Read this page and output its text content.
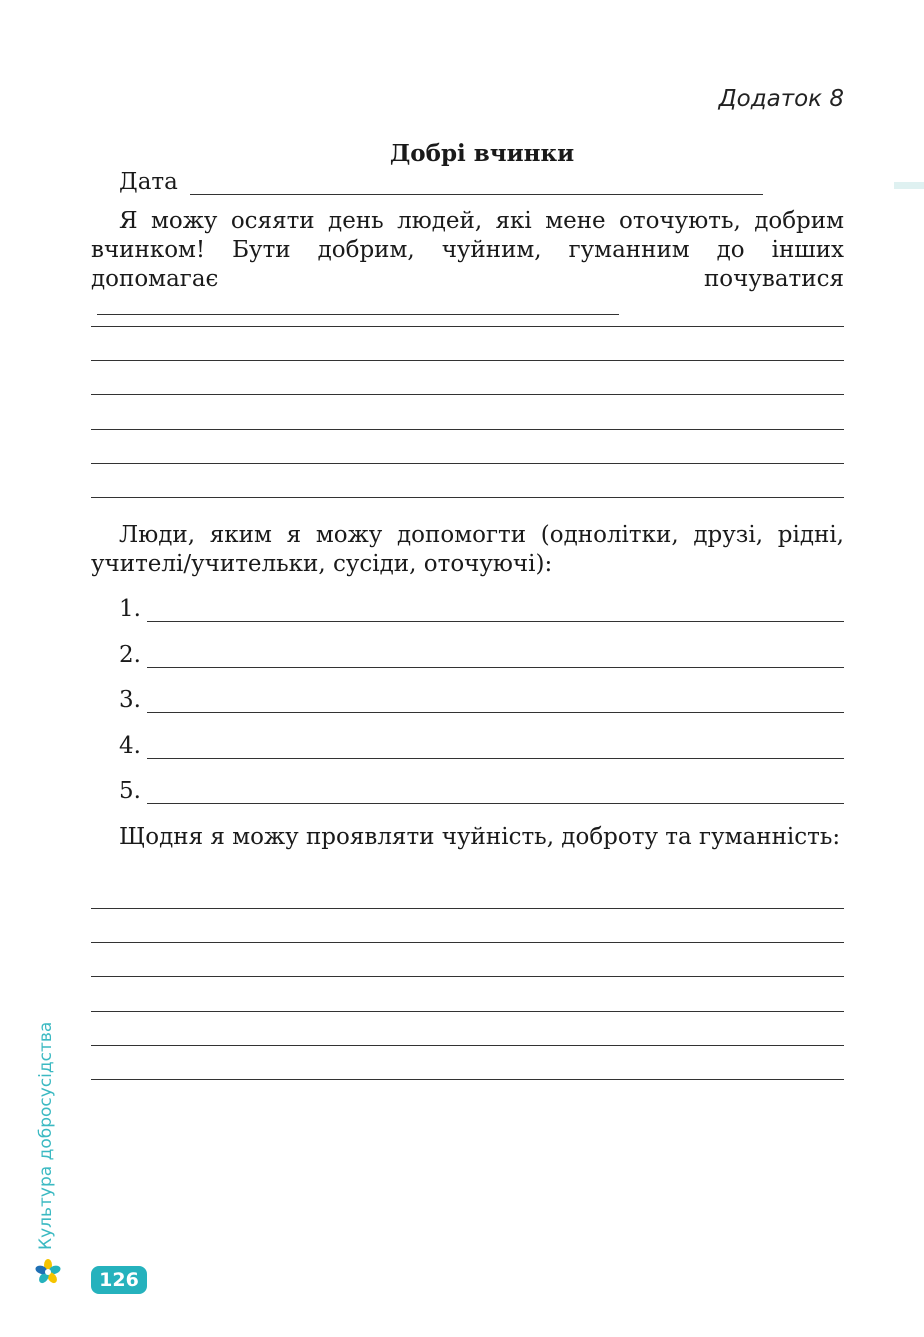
Додаток 8
Добрі вчинки
Дата

Я можу осяяти день людей, які мене оточують, добрим вчинком! Бути добрим, чуйним, гуманним до інших допомагає почуватися

Люди, яким я можу допомогти (однолітки, друзі, рідні, учителі/учительки, сусіди, оточуючі):

1.
2.
3.
4.
5.

Щодня я можу проявляти чуйність, доброту та гуманність:

Культура добросусідства
126
